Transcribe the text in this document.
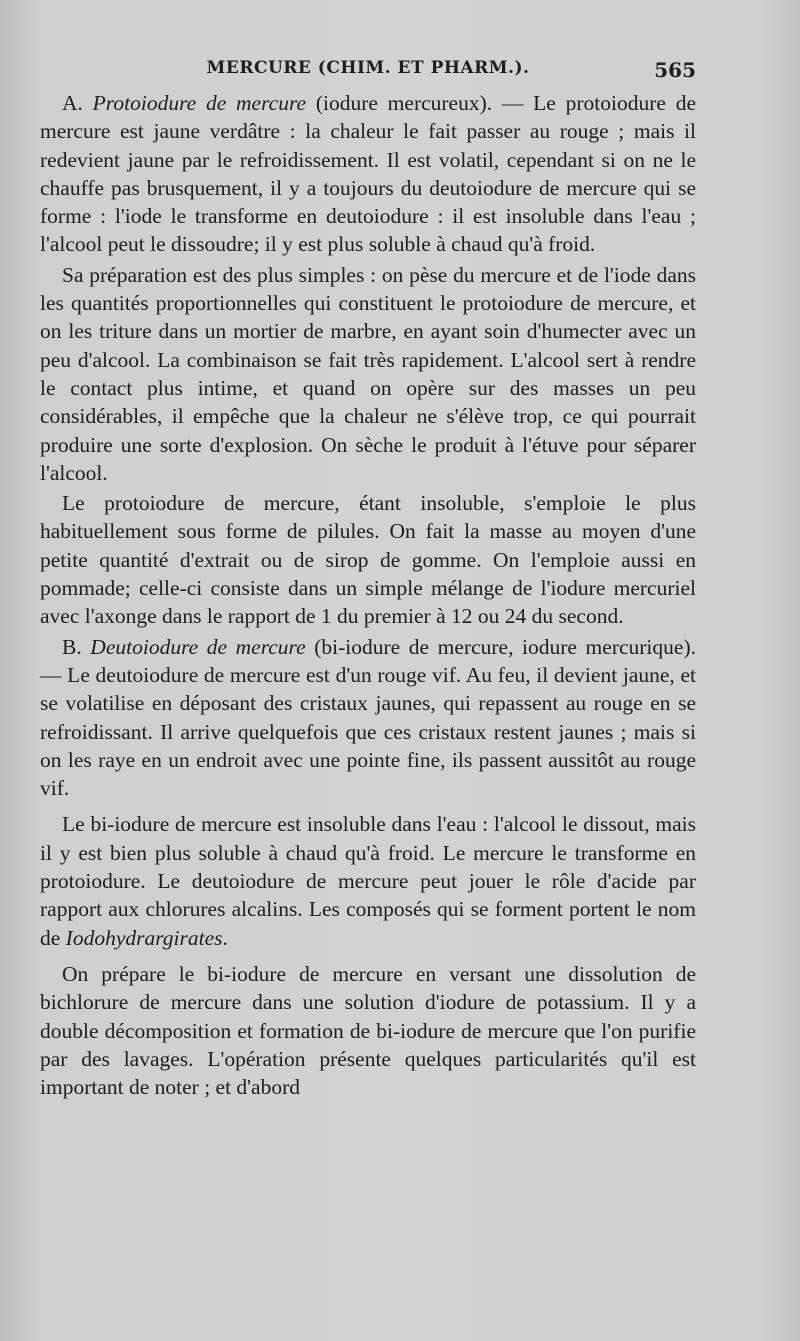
MERCURE (CHIM. ET PHARM.).	565

A. Protoiodure de mercure (iodure mercureux). — Le protoiodure de mercure est jaune verdâtre : la chaleur le fait passer au rouge ; mais il redevient jaune par le refroidissement. Il est volatil, cependant si on ne le chauffe pas brusquement, il y a toujours du deutoiodure de mercure qui se forme : l'iode le transforme en deutoiodure : il est insoluble dans l'eau ; l'alcool peut le dissoudre; il y est plus soluble à chaud qu'à froid.

Sa préparation est des plus simples : on pèse du mercure et de l'iode dans les quantités proportionnelles qui constituent le protoiodure de mercure, et on les triture dans un mortier de marbre, en ayant soin d'humecter avec un peu d'alcool. La combinaison se fait très rapidement. L'alcool sert à rendre le contact plus intime, et quand on opère sur des masses un peu considérables, il empêche que la chaleur ne s'élève trop, ce qui pourrait produire une sorte d'explosion. On sèche le produit à l'étuve pour séparer l'alcool.

Le protoiodure de mercure, étant insoluble, s'emploie le plus habituellement sous forme de pilules. On fait la masse au moyen d'une petite quantité d'extrait ou de sirop de gomme. On l'emploie aussi en pommade; celle-ci consiste dans un simple mélange de l'iodure mercuriel avec l'axonge dans le rapport de 1 du premier à 12 ou 24 du second.

B. Deutoiodure de mercure (bi-iodure de mercure, iodure mercurique). — Le deutoiodure de mercure est d'un rouge vif. Au feu, il devient jaune, et se volatilise en déposant des cristaux jaunes, qui repassent au rouge en se refroidissant. Il arrive quelquefois que ces cristaux restent jaunes ; mais si on les raye en un endroit avec une pointe fine, ils passent aussitôt au rouge vif.

Le bi-iodure de mercure est insoluble dans l'eau : l'alcool le dissout, mais il y est bien plus soluble à chaud qu'à froid. Le mercure le transforme en protoiodure. Le deutoiodure de mercure peut jouer le rôle d'acide par rapport aux chlorures alcalins. Les composés qui se forment portent le nom de Iodohydrargirates.

On prépare le bi-iodure de mercure en versant une dissolution de bichlorure de mercure dans une solution d'iodure de potassium. Il y a double décomposition et formation de bi-iodure de mercure que l'on purifie par des lavages. L'opération présente quelques particularités qu'il est important de noter ; et d'abord
